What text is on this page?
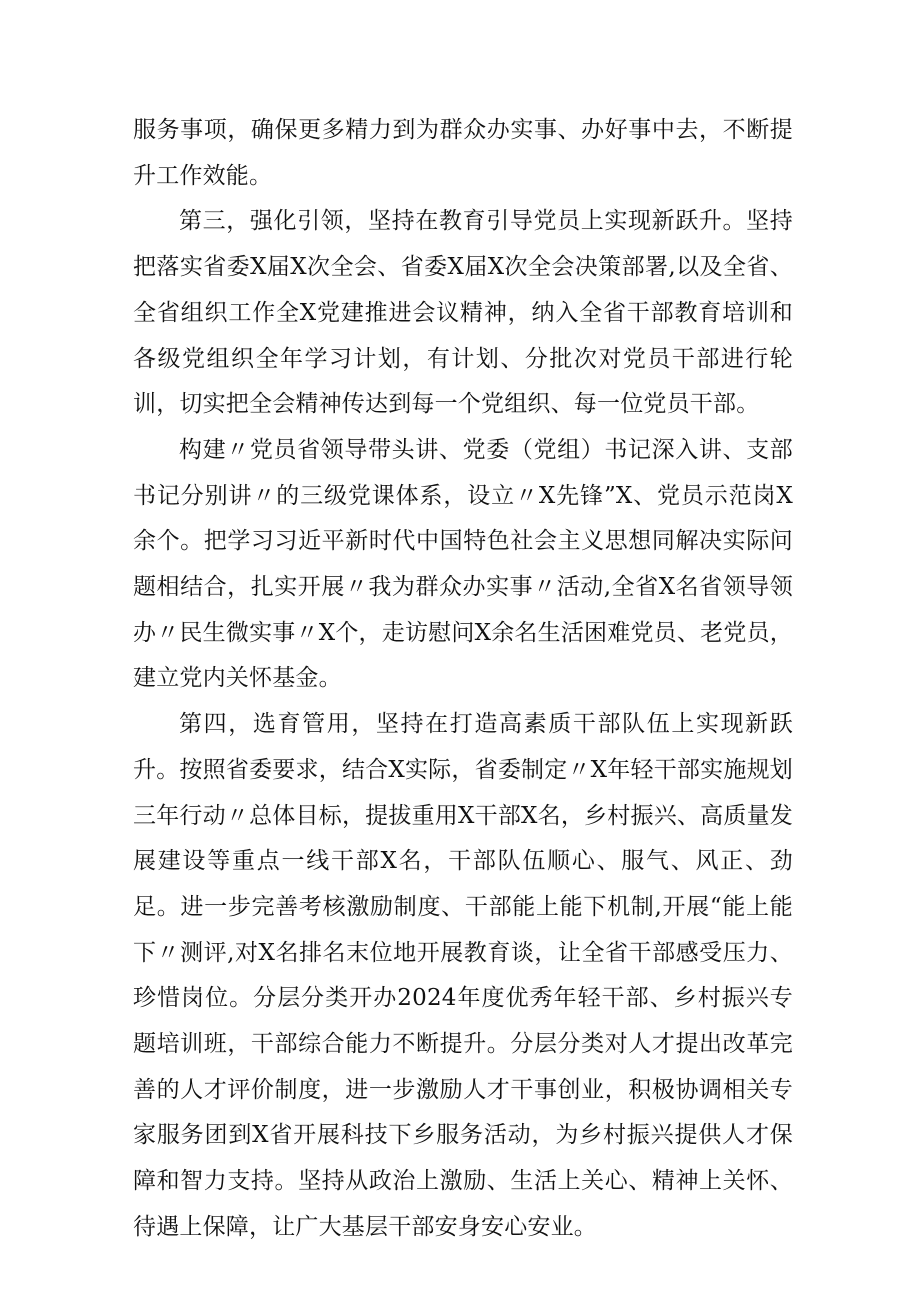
服务事项，确保更多精力到为群众办实事、办好事中去，不断提升工作效能。

第三，强化引领，坚持在教育引导党员上实现新跃升。坚持把落实省委X届X次全会、省委X届X次全会决策部署,以及全省、全省组织工作全X党建推进会议精神，纳入全省干部教育培训和各级党组织全年学习计划，有计划、分批次对党员干部进行轮训，切实把全会精神传达到每一个党组织、每一位党员干部。

构建〃党员省领导带头讲、党委（党组）书记深入讲、支部书记分别讲〃的三级党课体系，设立〃X先锋”X、党员示范岗X余个。把学习习近平新时代中国特色社会主义思想同解决实际问题相结合，扎实开展〃我为群众办实事〃活动,全省X名省领导领办〃民生微实事〃X个，走访慰问X余名生活困难党员、老党员，建立党内关怀基金。

第四，选育管用，坚持在打造高素质干部队伍上实现新跃升。按照省委要求，结合X实际，省委制定〃X年轻干部实施规划三年行动〃总体目标，提拔重用X干部X名，乡村振兴、高质量发展建设等重点一线干部X名，干部队伍顺心、服气、风正、劲足。进一步完善考核激励制度、干部能上能下机制,开展“能上能下〃测评,对X名排名末位地开展教育谈，让全省干部感受压力、珍惜岗位。分层分类开办2024年度优秀年轻干部、乡村振兴专题培训班，干部综合能力不断提升。分层分类对人才提出改革完善的人才评价制度，进一步激励人才干事创业，积极协调相关专家服务团到X省开展科技下乡服务活动，为乡村振兴提供人才保障和智力支持。坚持从政治上激励、生活上关心、精神上关怀、待遇上保障，让广大基层干部安身安心安业。
